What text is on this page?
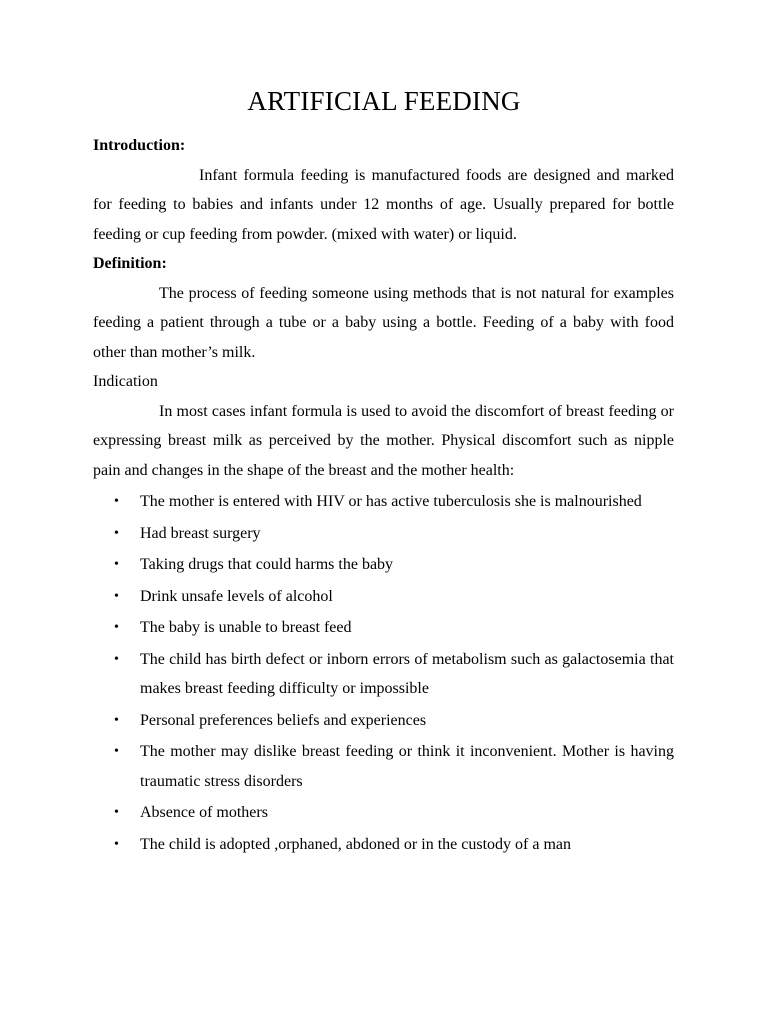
ARTIFICIAL FEEDING

Introduction:

Infant formula feeding is manufactured foods are designed and marked for feeding to babies and infants under 12 months of age. Usually prepared for bottle feeding or cup feeding from powder. (mixed with water) or liquid.

Definition:

The process of feeding someone using methods that is not natural for examples feeding a patient through a tube or a baby using a bottle. Feeding of a baby with food other than mother’s milk.

Indication

In most cases infant formula is used to avoid the discomfort of breast feeding or expressing breast milk as perceived by the mother. Physical discomfort such as nipple pain and changes in the shape of the breast and the mother health:

• The mother is entered with HIV or has active tuberculosis she is malnourished
• Had breast surgery
• Taking drugs that could harms the baby
• Drink unsafe levels of alcohol
• The baby is unable to breast feed
• The child has birth defect or inborn errors of metabolism such as galactosemia that makes breast feeding difficulty or impossible
• Personal preferences beliefs and experiences
• The mother may dislike breast feeding or think it inconvenient. Mother is having traumatic stress disorders
• Absence of mothers
• The child is adopted ,orphaned, abdoned or in the custody of a man
